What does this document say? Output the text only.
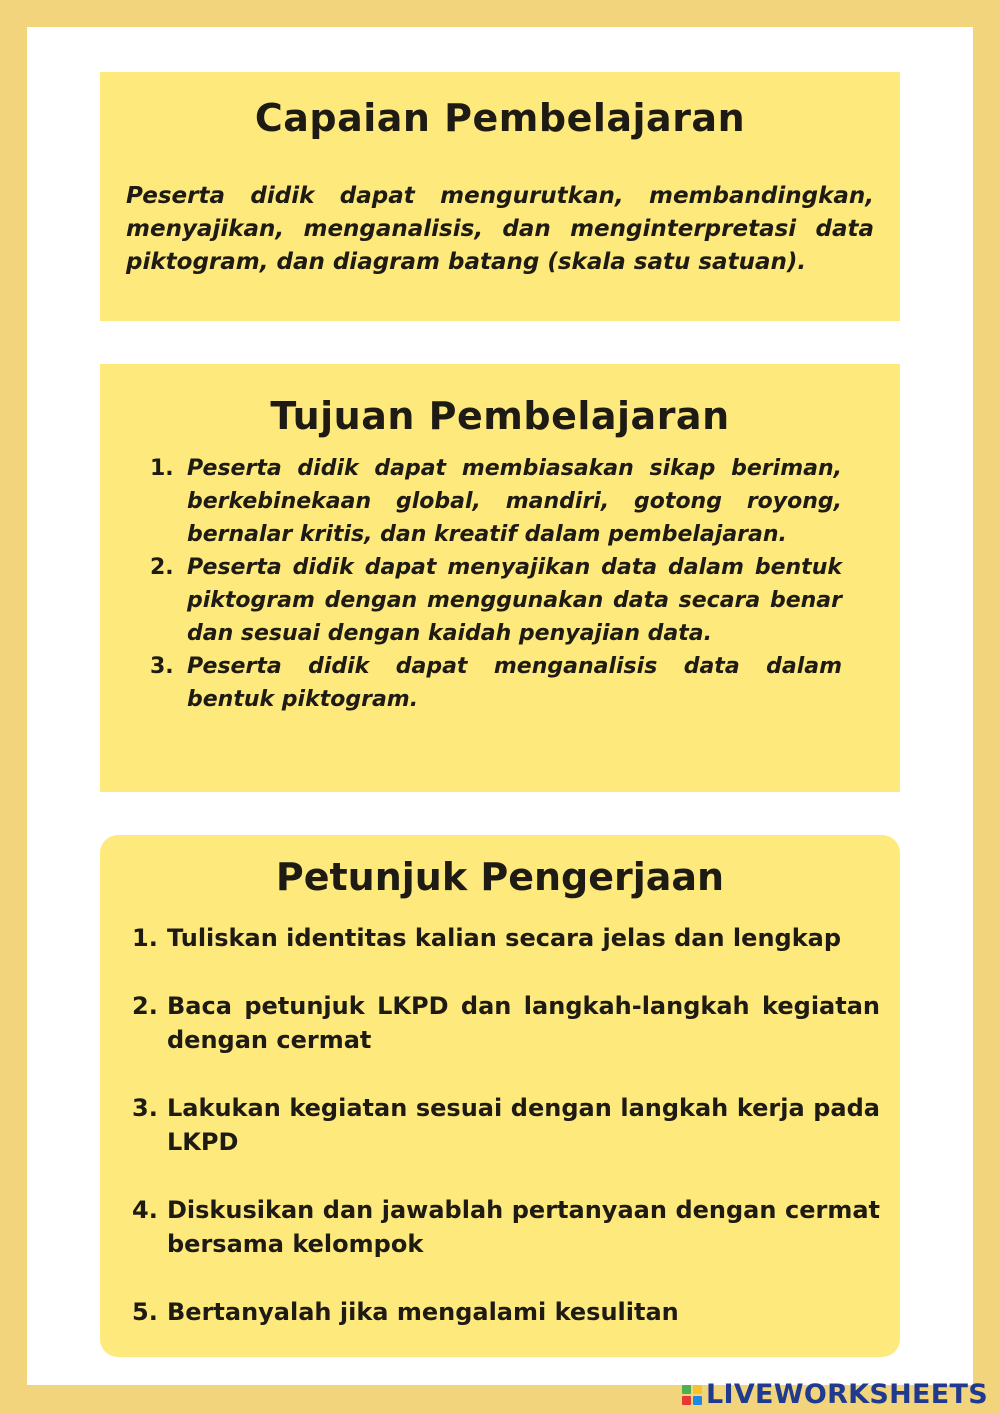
Capaian Pembelajaran

Peserta didik dapat mengurutkan, membandingkan, menyajikan, menganalisis, dan menginterpretasi data piktogram, dan diagram batang (skala satu satuan).

Tujuan Pembelajaran
1. Peserta didik dapat membiasakan sikap beriman, berkebinekaan global, mandiri, gotong royong, bernalar kritis, dan kreatif dalam pembelajaran.
2. Peserta didik dapat menyajikan data dalam bentuk piktogram dengan menggunakan data secara benar dan sesuai dengan kaidah penyajian data.
3. Peserta didik dapat menganalisis data dalam bentuk piktogram.
Petunjuk Pengerjaan
1. Tuliskan identitas kalian secara jelas dan lengkap
2. Baca petunjuk LKPD dan langkah-langkah kegiatan dengan cermat
3. Lakukan kegiatan sesuai dengan langkah kerja pada LKPD
4. Diskusikan dan jawablah pertanyaan dengan cermat bersama kelompok
5. Bertanyalah jika mengalami kesulitan
LIVEWORKSHEETS
